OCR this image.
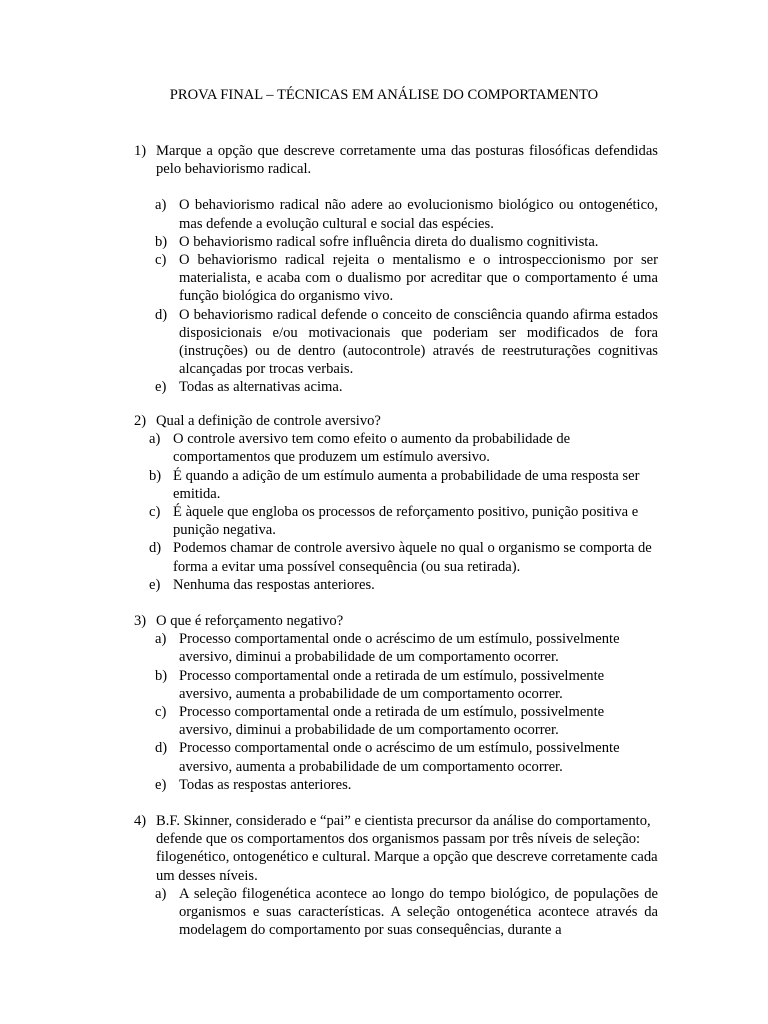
PROVA FINAL – TÉCNICAS EM ANÁLISE DO COMPORTAMENTO
1) Marque a opção que descreve corretamente uma das posturas filosóficas defendidas pelo behaviorismo radical.
a) O behaviorismo radical não adere ao evolucionismo biológico ou ontogenético, mas defende a evolução cultural e social das espécies.
b) O behaviorismo radical sofre influência direta do dualismo cognitivista.
c) O behaviorismo radical rejeita o mentalismo e o introspeccionismo por ser materialista, e acaba com o dualismo por acreditar que o comportamento é uma função biológica do organismo vivo.
d) O behaviorismo radical defende o conceito de consciência quando afirma estados disposicionais e/ou motivacionais que poderiam ser modificados de fora (instruções) ou de dentro (autocontrole) através de reestruturações cognitivas alcançadas por trocas verbais.
e) Todas as alternativas acima.
2) Qual a definição de controle aversivo?
a) O controle aversivo tem como efeito o aumento da probabilidade de comportamentos que produzem um estímulo aversivo.
b) É quando a adição de um estímulo aumenta a probabilidade de uma resposta ser emitida.
c) É àquele que engloba os processos de reforçamento positivo, punição positiva e punição negativa.
d) Podemos chamar de controle aversivo àquele no qual o organismo se comporta de forma a evitar uma possível consequência (ou sua retirada).
e) Nenhuma das respostas anteriores.
3) O que é reforçamento negativo?
a) Processo comportamental onde o acréscimo de um estímulo, possivelmente aversivo, diminui a probabilidade de um comportamento ocorrer.
b) Processo comportamental onde a retirada de um estímulo, possivelmente aversivo, aumenta a probabilidade de um comportamento ocorrer.
c) Processo comportamental onde a retirada de um estímulo, possivelmente aversivo, diminui a probabilidade de um comportamento ocorrer.
d) Processo comportamental onde o acréscimo de um estímulo, possivelmente aversivo, aumenta a probabilidade de um comportamento ocorrer.
e) Todas as respostas anteriores.
4) B.F. Skinner, considerado e “pai” e cientista precursor da análise do comportamento, defende que os comportamentos dos organismos passam por três níveis de seleção: filogenético, ontogenético e cultural. Marque a opção que descreve corretamente cada um desses níveis.
a) A seleção filogenética acontece ao longo do tempo biológico, de populações de organismos e suas características. A seleção ontogenética acontece através da modelagem do comportamento por suas consequências, durante a
